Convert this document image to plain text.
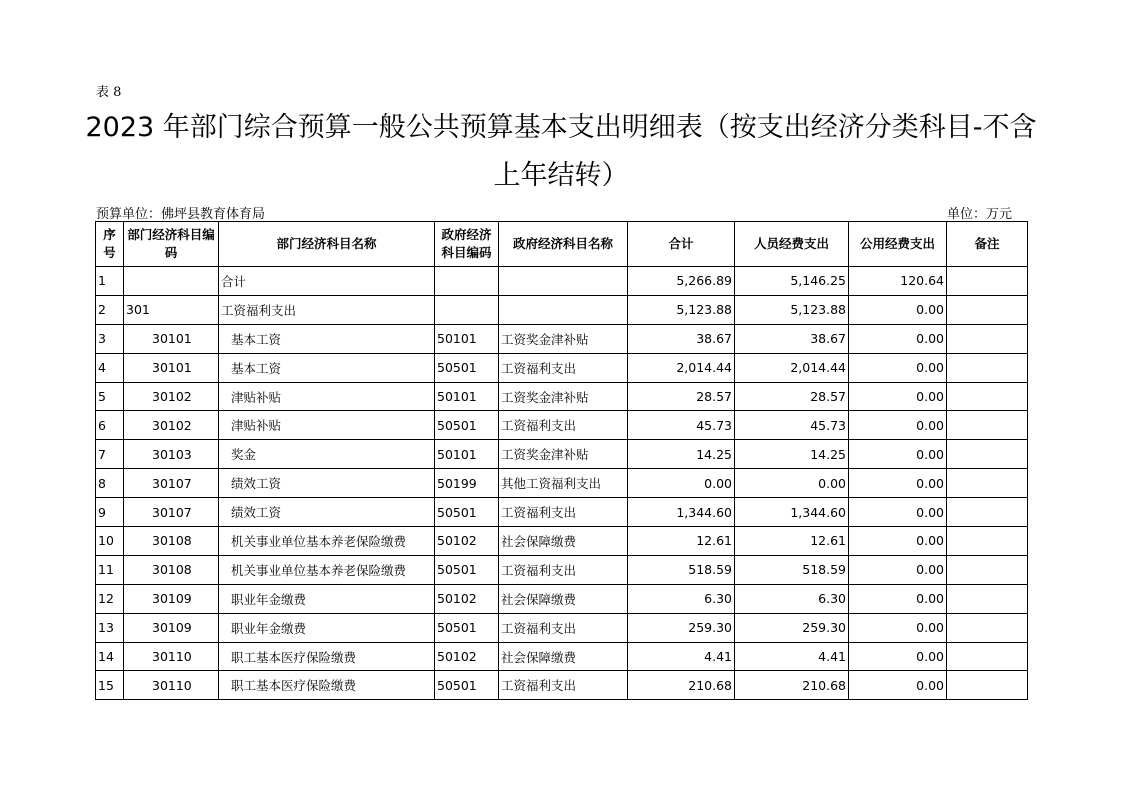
表 8
2023 年部门综合预算一般公共预算基本支出明细表（按支出经济分类科目-不含上年结转）
预算单位：佛坪县教育体育局	单位：万元
序号	部门经济科目编码	部门经济科目名称	政府经济科目编码	政府经济科目名称	合计	人员经费支出	公用经费支出	备注
1		合计			5,266.89	5,146.25	120.64	
2	301	工资福利支出			5,123.88	5,123.88	0.00	
3	30101	基本工资	50101	工资奖金津补贴	38.67	38.67	0.00	
4	30101	基本工资	50501	工资福利支出	2,014.44	2,014.44	0.00	
5	30102	津贴补贴	50101	工资奖金津补贴	28.57	28.57	0.00	
6	30102	津贴补贴	50501	工资福利支出	45.73	45.73	0.00	
7	30103	奖金	50101	工资奖金津补贴	14.25	14.25	0.00	
8	30107	绩效工资	50199	其他工资福利支出	0.00	0.00	0.00	
9	30107	绩效工资	50501	工资福利支出	1,344.60	1,344.60	0.00	
10	30108	机关事业单位基本养老保险缴费	50102	社会保障缴费	12.61	12.61	0.00	
11	30108	机关事业单位基本养老保险缴费	50501	工资福利支出	518.59	518.59	0.00	
12	30109	职业年金缴费	50102	社会保障缴费	6.30	6.30	0.00	
13	30109	职业年金缴费	50501	工资福利支出	259.30	259.30	0.00	
14	30110	职工基本医疗保险缴费	50102	社会保障缴费	4.41	4.41	0.00	
15	30110	职工基本医疗保险缴费	50501	工资福利支出	210.68	210.68	0.00	
